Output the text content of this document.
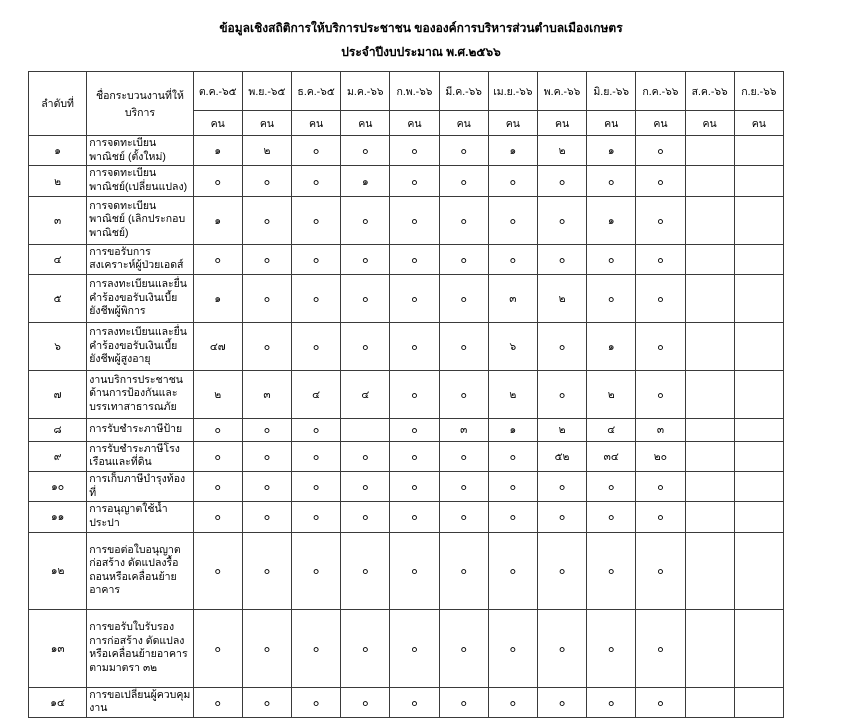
ข้อมูลเชิงสถิติการให้บริการประชาชน ขององค์การบริหารส่วนตำบลเมืองเกษตร
ประจำปีงบประมาณ พ.ศ.๒๕๖๖
ลำดับที่	ชื่อกระบวนงานที่ให้บริการ	ต.ค.-๖๕	พ.ย.-๖๕	ธ.ค.-๖๕	ม.ค.-๖๖	ก.พ.-๖๖	มี.ค.-๖๖	เม.ย.-๖๖	พ.ค.-๖๖	มิ.ย.-๖๖	ก.ค.-๖๖	ส.ค.-๖๖	ก.ย.-๖๖
		คน	คน	คน	คน	คน	คน	คน	คน	คน	คน	คน	คน
๑	การจดทะเบียนพาณิชย์ (ตั้งใหม่)	๑	๒	๐	๐	๐	๐	๑	๒	๑	๐		
๒	การจดทะเบียนพาณิชย์(เปลี่ยนแปลง)	๐	๐	๐	๑	๐	๐	๐	๐	๐	๐		
๓	การจดทะเบียนพาณิชย์ (เลิกประกอบพาณิชย์)	๑	๐	๐	๐	๐	๐	๐	๐	๑	๐		
๔	การขอรับการสงเคราะห์ผู้ป่วยเอดส์	๐	๐	๐	๐	๐	๐	๐	๐	๐	๐		
๕	การลงทะเบียนและยื่นคำร้องขอรับเงินเบี้ยยังชีพผู้พิการ	๑	๐	๐	๐	๐	๐	๓	๒	๐	๐		
๖	การลงทะเบียนและยื่นคำร้องขอรับเงินเบี้ยยังชีพผู้สูงอายุ	๔๗	๐	๐	๐	๐	๐	๖	๐	๑	๐		
๗	งานบริการประชาชนด้านการป้องกันและบรรเทาสาธารณภัย	๒	๓	๔	๔	๐	๐	๒	๐	๒	๐		
๘	การรับชำระภาษีป้าย	๐	๐	๐		๐	๓	๑	๒	๔	๓		
๙	การรับชำระภาษีโรงเรือนและที่ดิน	๐	๐	๐	๐	๐	๐	๐	๕๒	๓๔	๒๐		
๑๐	การเก็บภาษีบำรุงท้องที่	๐	๐	๐	๐	๐	๐	๐	๐	๐	๐		
๑๑	การอนุญาตใช้น้ำประปา	๐	๐	๐	๐	๐	๐	๐	๐	๐	๐		
๑๒	การขอต่อใบอนุญาตก่อสร้าง ดัดแปลงรื้อถอนหรือเคลื่อนย้ายอาคาร	๐	๐	๐	๐	๐	๐	๐	๐	๐	๐		
๑๓	การขอรับใบรับรองการก่อสร้าง ดัดแปลงหรือเคลื่อนย้ายอาคาร ตามมาตรา ๓๒	๐	๐	๐	๐	๐	๐	๐	๐	๐	๐		
๑๔	การขอเปลี่ยนผู้ควบคุมงาน	๐	๐	๐	๐	๐	๐	๐	๐	๐	๐		
